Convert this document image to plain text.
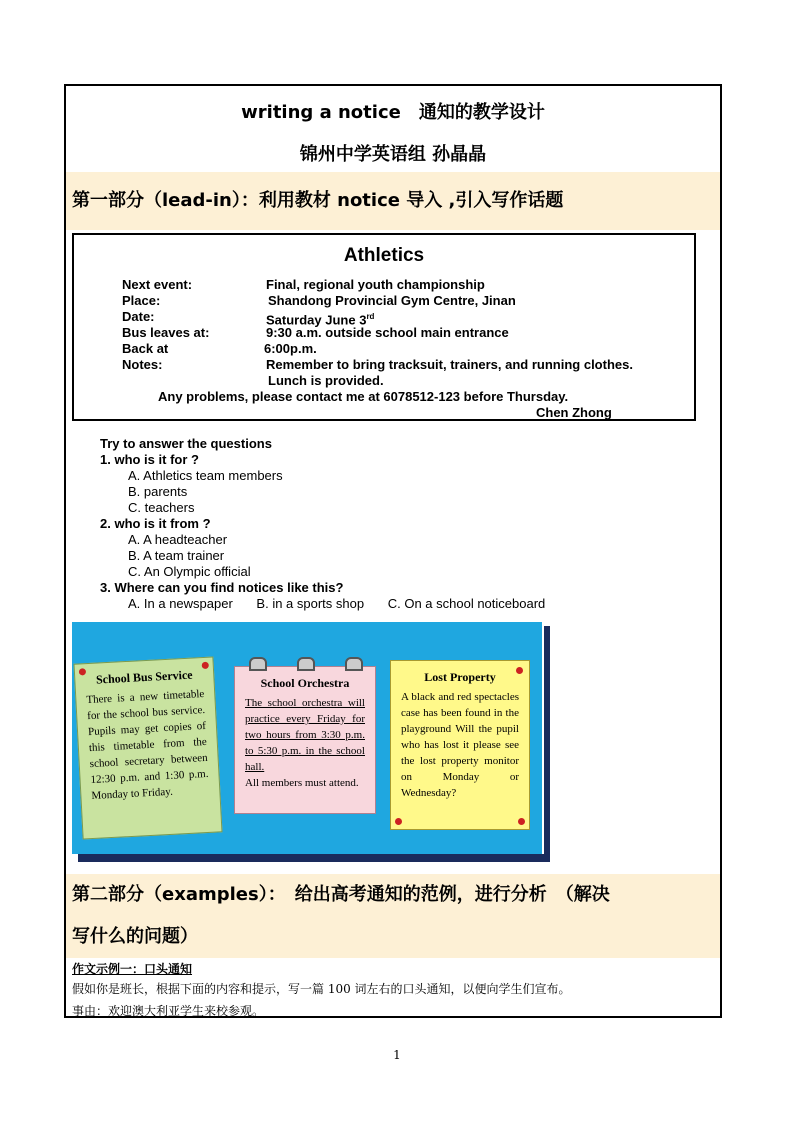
writing a notice　通知的教学设计
锦州中学英语组 孙晶晶
第一部分（lead-in）：利用教材 notice 导入 ,引入写作话题
Athletics
Next event:	Final, regional youth championship
Place:	Shandong Provincial Gym Centre, Jinan
Date:	Saturday June 3rd
Bus leaves at:	9:30 a.m. outside school main entrance
Back at	6:00p.m.
Notes:	Remember to bring tracksuit, trainers, and running clothes.
Lunch is provided.
Any problems, please contact me at 6078512-123 before Thursday.
Chen Zhong
Try to answer the questions
1. who is it for ?
A. Athletics team members
B. parents
C. teachers
2. who is it from ?
A. A headteacher
B. A team trainer
C. An Olympic official
3. Where can you find notices like this?
A. In a newspaper B. in a sports shop C. On a school noticeboard
School Bus Service

There is a new timetable for the school bus service. Pupils may get copies of this timetable from the school secretary between 12:30 p.m. and 1:30 p.m. Monday to Friday.

School Orchestra

The school orchestra will practice every Friday for two hours from 3:30 p.m. to 5:30 p.m. in the school hall.

All members must attend.

Lost Property

A black and red spectacles case has been found in the playground Will the pupil who has lost it please see the lost property monitor on Monday or Wednesday?

第二部分（examples）：　给出高考通知的范例，进行分析　（解决
写什么的问题）
作文示例一：口头通知
假如你是班长，根据下面的内容和提示，写一篇 100 词左右的口头通知，以便向学生们宣布。
事由：欢迎澳大利亚学生来校参观。
1
